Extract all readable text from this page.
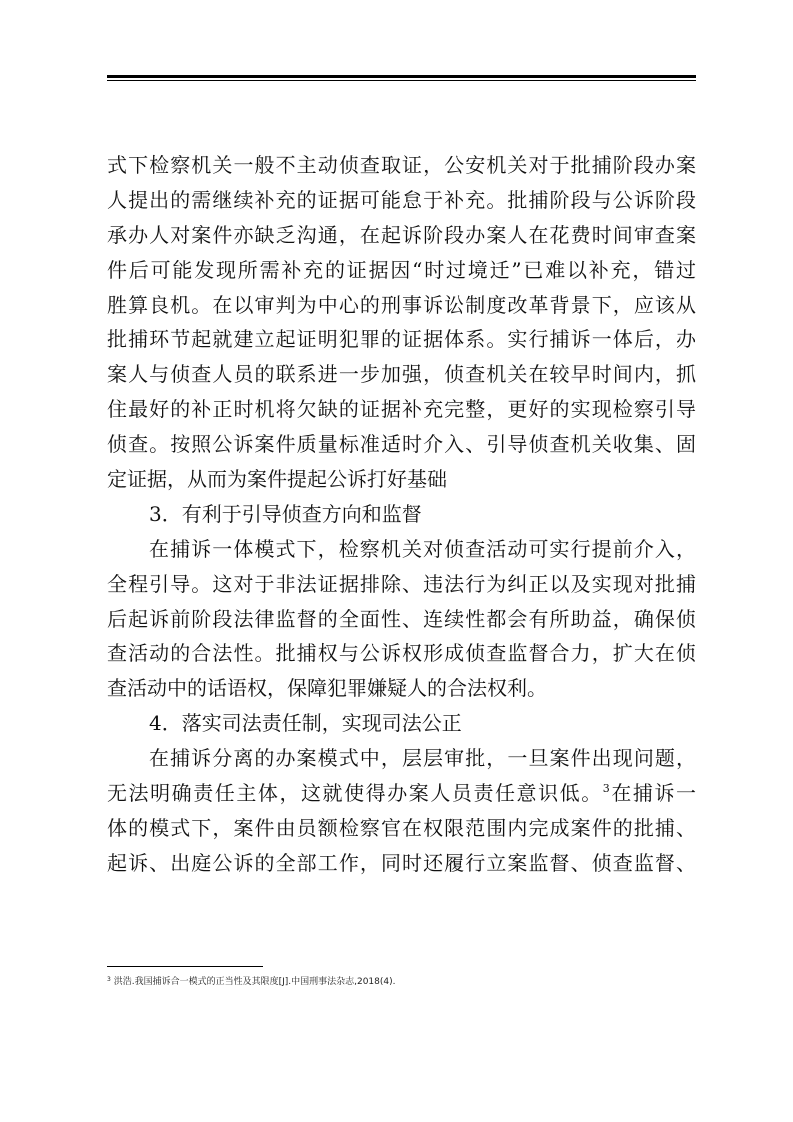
式下检察机关一般不主动侦查取证，公安机关对于批捕阶段办案
人提出的需继续补充的证据可能怠于补充。批捕阶段与公诉阶段
承办人对案件亦缺乏沟通，在起诉阶段办案人在花费时间审查案
件后可能发现所需补充的证据因“时过境迁”已难以补充，错过
胜算良机。在以审判为中心的刑事诉讼制度改革背景下，应该从
批捕环节起就建立起证明犯罪的证据体系。实行捕诉一体后，办
案人与侦查人员的联系进一步加强，侦查机关在较早时间内，抓
住最好的补正时机将欠缺的证据补充完整，更好的实现检察引导
侦查。按照公诉案件质量标准适时介入、引导侦查机关收集、固
定证据，从而为案件提起公诉打好基础
3．有利于引导侦查方向和监督
在捕诉一体模式下，检察机关对侦查活动可实行提前介入，
全程引导。这对于非法证据排除、违法行为纠正以及实现对批捕
后起诉前阶段法律监督的全面性、连续性都会有所助益，确保侦
查活动的合法性。批捕权与公诉权形成侦查监督合力，扩大在侦
查活动中的话语权，保障犯罪嫌疑人的合法权利。
4．落实司法责任制，实现司法公正
在捕诉分离的办案模式中，层层审批，一旦案件出现问题，
无法明确责任主体，这就使得办案人员责任意识低。$^3$在捕诉一
体的模式下，案件由员额检察官在权限范围内完成案件的批捕、
起诉、出庭公诉的全部工作，同时还履行立案监督、侦查监督、
$^3$ 洪浩.我国捕诉合一模式的正当性及其限度[J].中国刑事法杂志,2018(4).
